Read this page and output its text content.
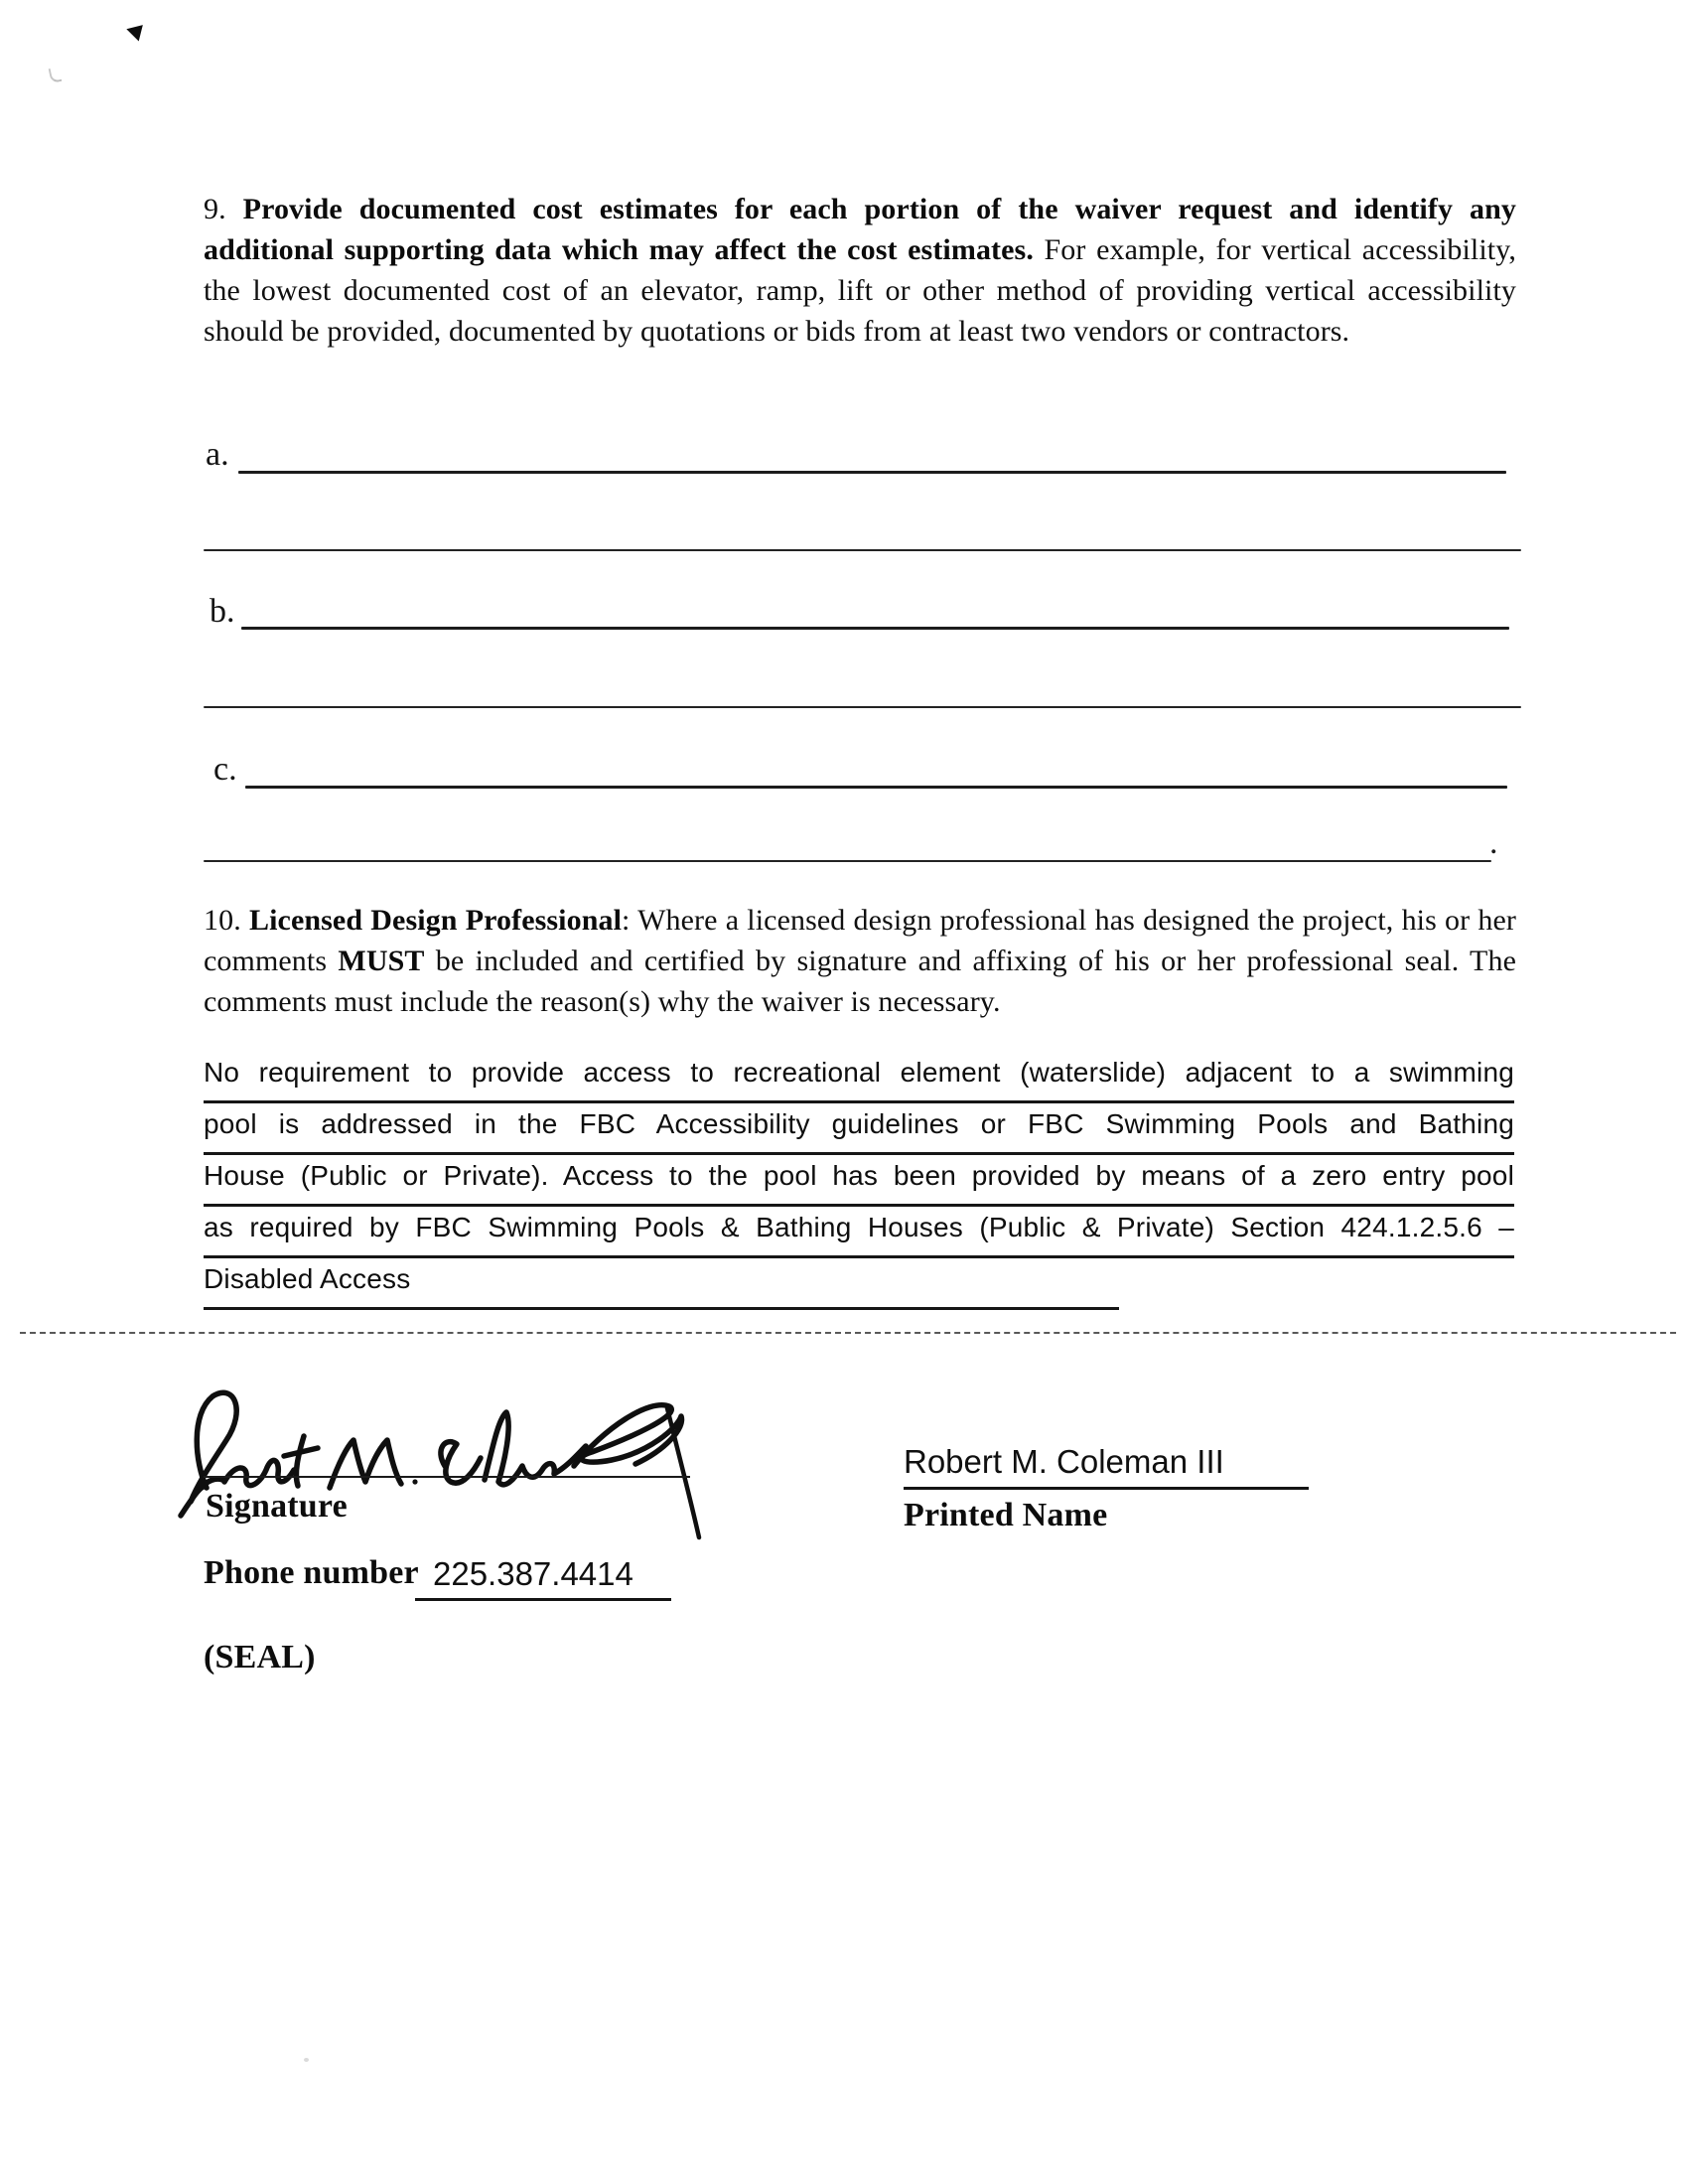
9. Provide documented cost estimates for each portion of the waiver request and identify any additional supporting data which may affect the cost estimates. For example, for vertical accessibility, the lowest documented cost of an elevator, ramp, lift or other method of providing vertical accessibility should be provided, documented by quotations or bids from at least two vendors or contractors.
a.
b.
c.
.
10. Licensed Design Professional: Where a licensed design professional has designed the project, his or her comments MUST be included and certified by signature and affixing of his or her professional seal. The comments must include the reason(s) why the waiver is necessary.
No requirement to provide access to recreational element (waterslide) adjacent to a swimming
pool is addressed in the FBC Accessibility guidelines or FBC Swimming Pools and Bathing
House (Public or Private). Access to the pool has been provided by means of a zero entry pool
as required by FBC Swimming Pools & Bathing Houses (Public & Private) Section 424.1.2.5.6 –
Disabled Access
Signature
Robert M. Coleman III
Printed Name
Phone number 225.387.4414
(SEAL)
